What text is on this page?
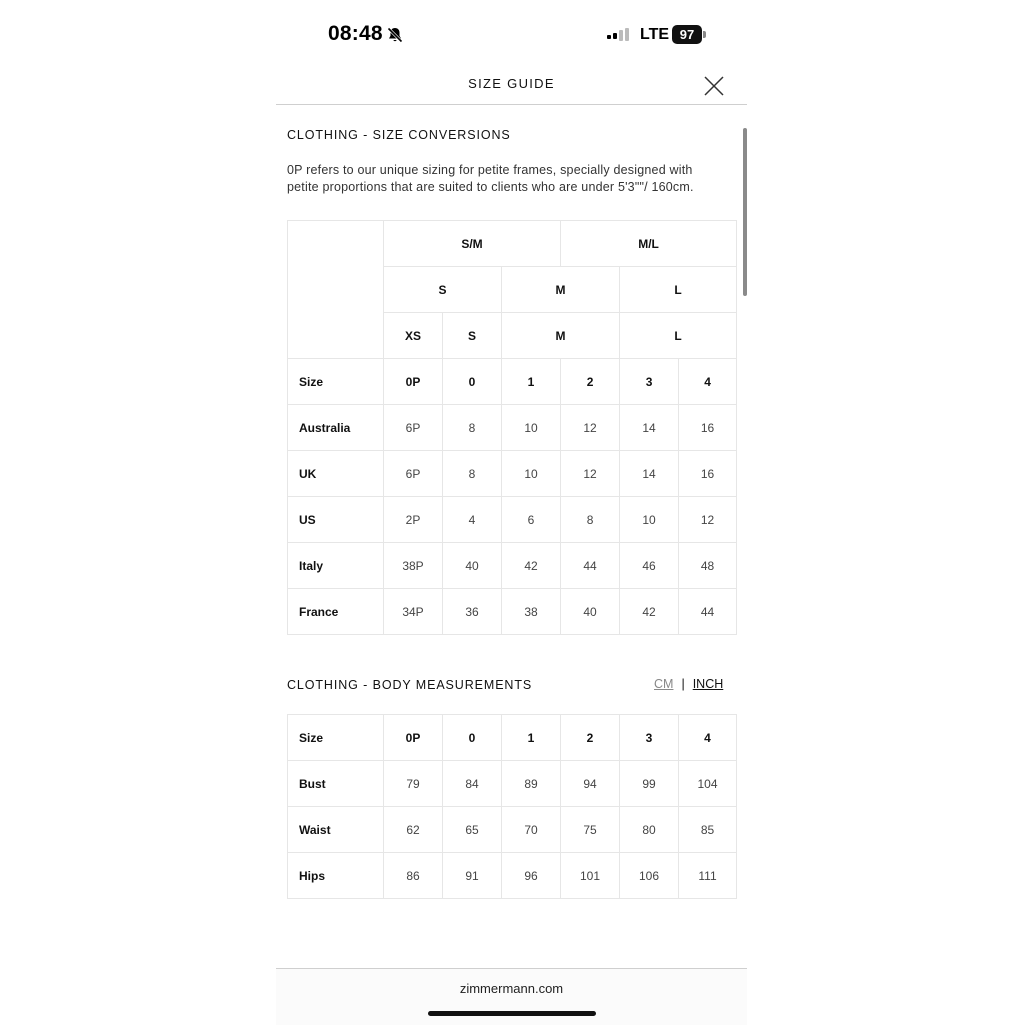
08:48	LTE 97
SIZE GUIDE
CLOTHING - SIZE CONVERSIONS
0P refers to our unique sizing for petite frames, specially designed with petite proportions that are suited to clients who are under 5'3""/ 160cm.
	S/M			M/L		
	S		M		L	
	XS	S	M		L	
Size	0P	0	1	2	3	4
Australia	6P	8	10	12	14	16
UK	6P	8	10	12	14	16
US	2P	4	6	8	10	12
Italy	38P	40	42	44	46	48
France	34P	36	38	40	42	44
CLOTHING - BODY MEASUREMENTS	CM | INCH
Size	0P	0	1	2	3	4
Bust	79	84	89	94	99	104
Waist	62	65	70	75	80	85
Hips	86	91	96	101	106	111
zimmermann.com
